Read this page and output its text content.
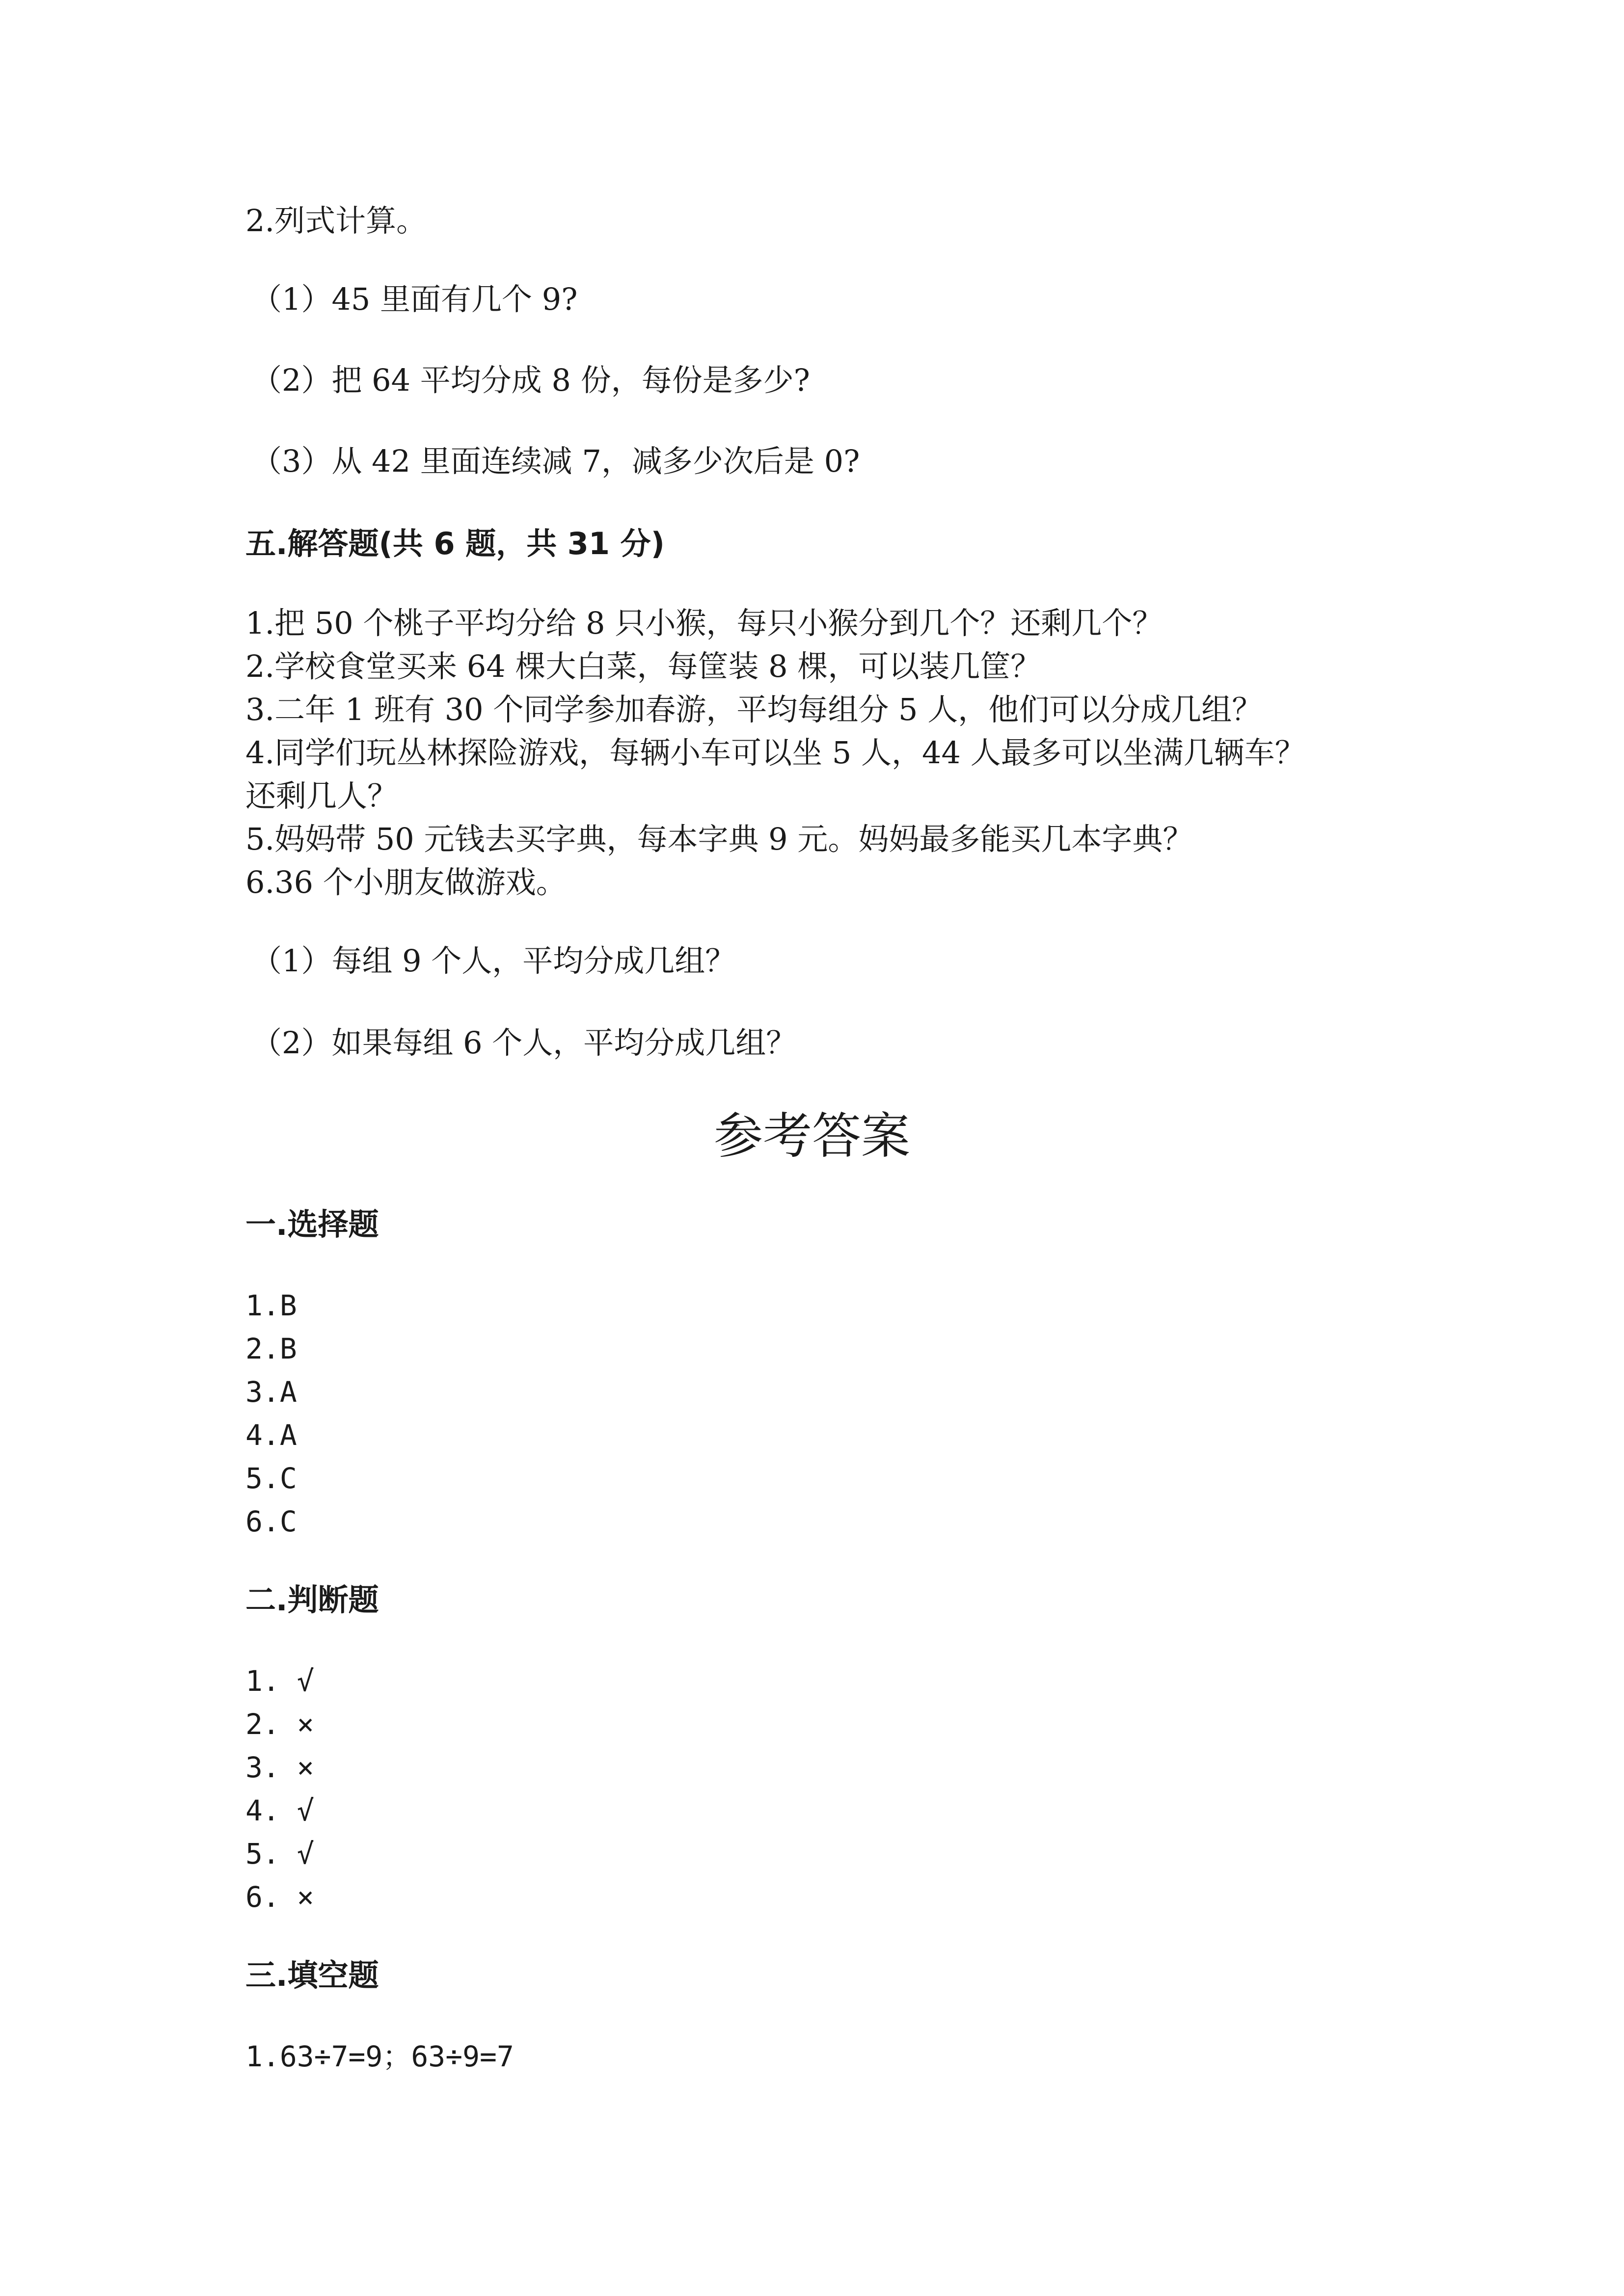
2.列式计算。
（1）45 里面有几个 9?
（2）把 64 平均分成 8 份，每份是多少?
（3）从 42 里面连续减 7，减多少次后是 0?
五.解答题(共 6 题，共 31 分)
1.把 50 个桃子平均分给 8 只小猴，每只小猴分到几个？还剩几个？
2.学校食堂买来 64 棵大白菜，每筐装 8 棵，可以装几筐？
3.二年 1 班有 30 个同学参加春游，平均每组分 5 人，他们可以分成几组？
4.同学们玩丛林探险游戏，每辆小车可以坐 5 人，44 人最多可以坐满几辆车？
还剩几人？
5.妈妈带 50 元钱去买字典，每本字典 9 元。妈妈最多能买几本字典？
6.36 个小朋友做游戏。
（1）每组 9 个人，平均分成几组？
（2）如果每组 6 个人，平均分成几组？
参考答案
一.选择题
1.B
2.B
3.A
4.A
5.C
6.C
二.判断题
1. √
2. ×
3. ×
4. √
5. √
6. ×
三.填空题
1.63÷7=9；63÷9=7
